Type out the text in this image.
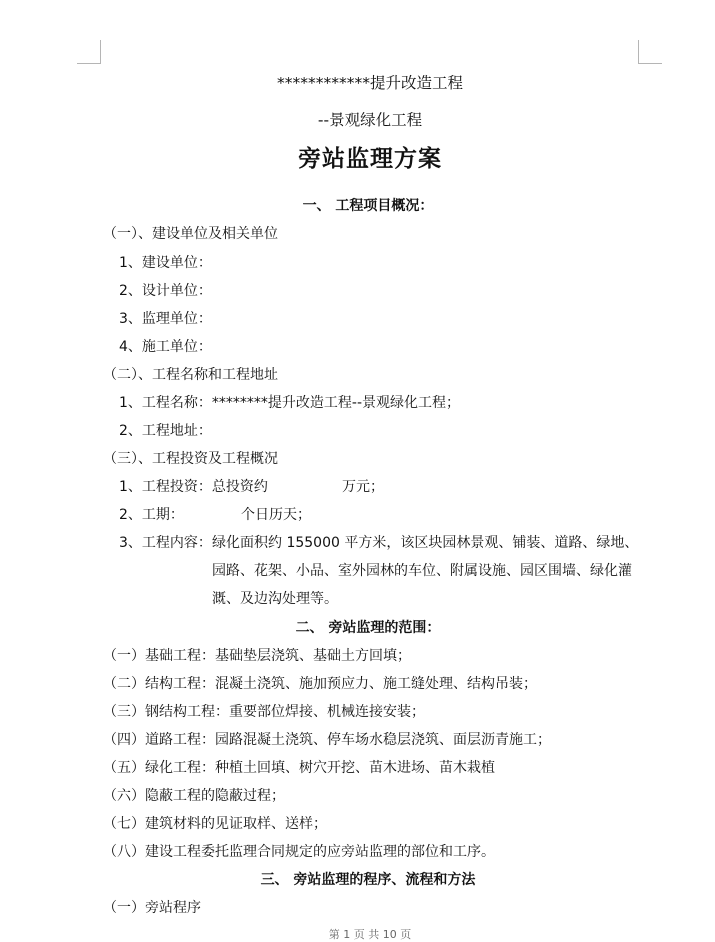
************提升改造工程
--景观绿化工程
旁站监理方案
一、 工程项目概况：
（一）、建设单位及相关单位
1、建设单位：
2、设计单位：
3、监理单位：
4、施工单位：
（二）、工程名称和工程地址
1、工程名称：********提升改造工程--景观绿化工程；
2、工程地址：
（三）、工程投资及工程概况
1、工程投资：总投资约	万元；
2、工期：	个日历天；
3、工程内容： 绿化面积约 155000 平方米，该区块园林景观、铺装、道路、绿地、园路、花架、小品、室外园林的车位、附属设施、园区围墙、绿化灌溉、及边沟处理等。
二、 旁站监理的范围：
（一）基础工程：基础垫层浇筑、基础土方回填；
（二）结构工程：混凝土浇筑、施加预应力、施工缝处理、结构吊装；
（三）钢结构工程：重要部位焊接、机械连接安装；
（四）道路工程：园路混凝土浇筑、停车场水稳层浇筑、面层沥青施工；
（五）绿化工程：种植土回填、树穴开挖、苗木进场、苗木栽植
（六）隐蔽工程的隐蔽过程；
（七）建筑材料的见证取样、送样；
（八）建设工程委托监理合同规定的应旁站监理的部位和工序。
三、 旁站监理的程序、流程和方法
（一）旁站程序
第 1 页 共 10 页
